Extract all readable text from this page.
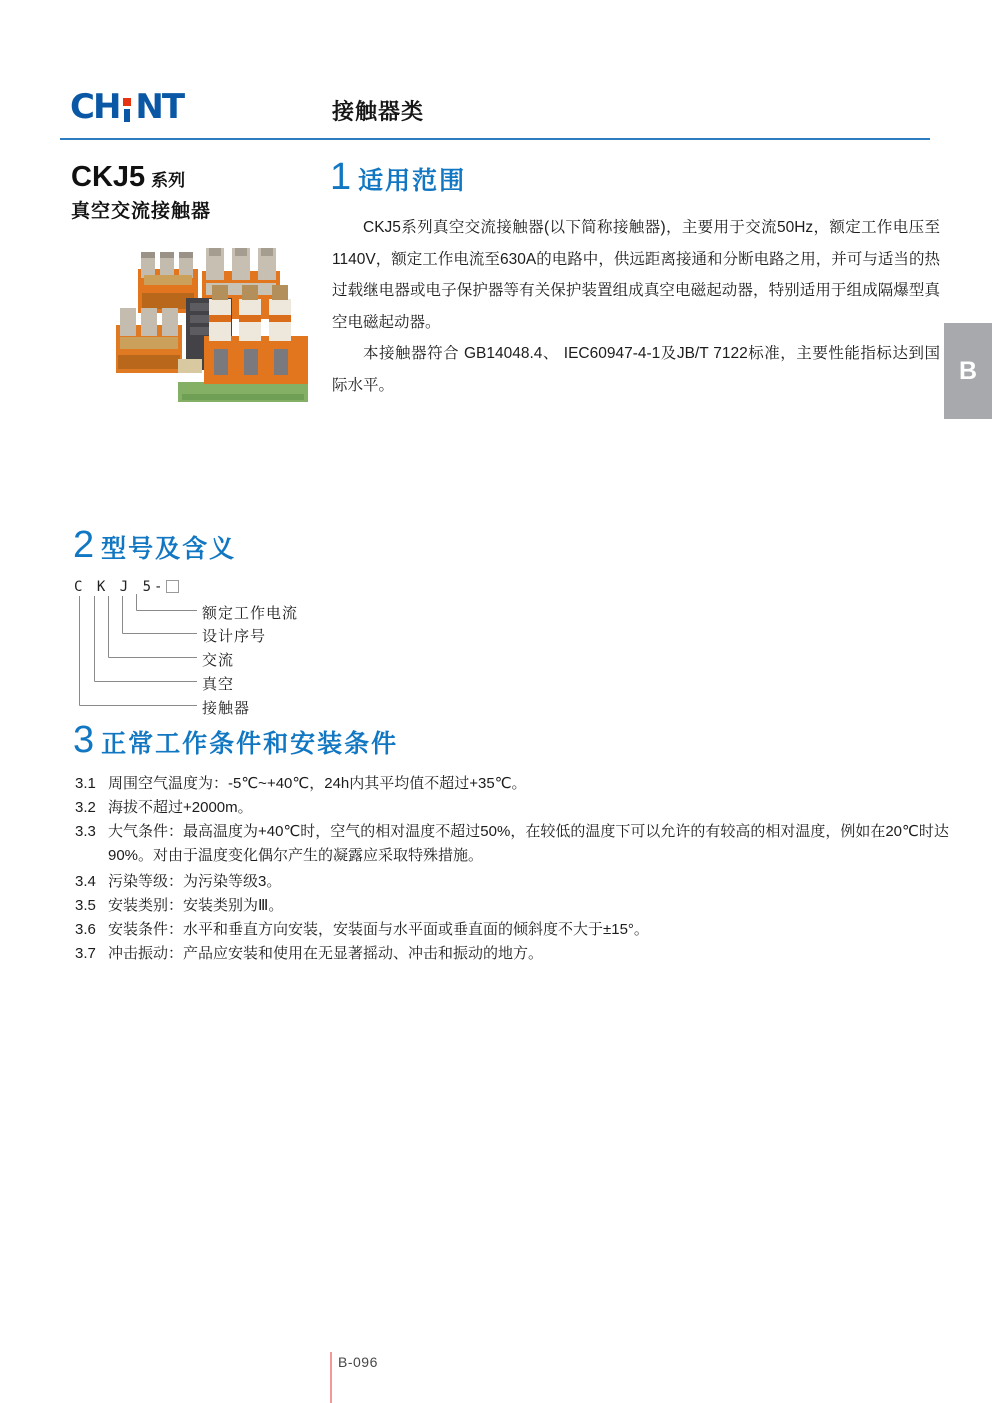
CH NT	接触器类
CKJ5 系列
真空交流接触器
B
1 适用范围

CKJ5系列真空交流接触器(以下简称接触器)，主要用于交流50Hz，额定工作电压至1140V，额定工作电流至630A的电路中，供远距离接通和分断电路之用，并可与适当的热过载继电器或电子保护器等有关保护装置组成真空电磁起动器，特别适用于组成隔爆型真空电磁起动器。

本接触器符合 GB14048.4、 IEC60947-4-1及JB/T 7122标准，主要性能指标达到国际水平。

2 型号及含义
C K J 5-
额定工作电流
设计序号
交流
真空
接触器
3 正常工作条件和安装条件
3.1 周围空气温度为：-5℃~+40℃，24h内其平均值不超过+35℃。
3.2 海拔不超过+2000m。
3.3 大气条件：最高温度为+40℃时，空气的相对温度不超过50%，在较低的温度下可以允许的有较高的相对温度，例如在20℃时达90%。对由于温度变化偶尔产生的凝露应采取特殊措施。
3.4 污染等级：为污染等级3。
3.5 安装类别：安装类别为Ⅲ。
3.6 安装条件：水平和垂直方向安装，安装面与水平面或垂直面的倾斜度不大于±15°。
3.7 冲击振动：产品应安装和使用在无显著摇动、冲击和振动的地方。
B-096
